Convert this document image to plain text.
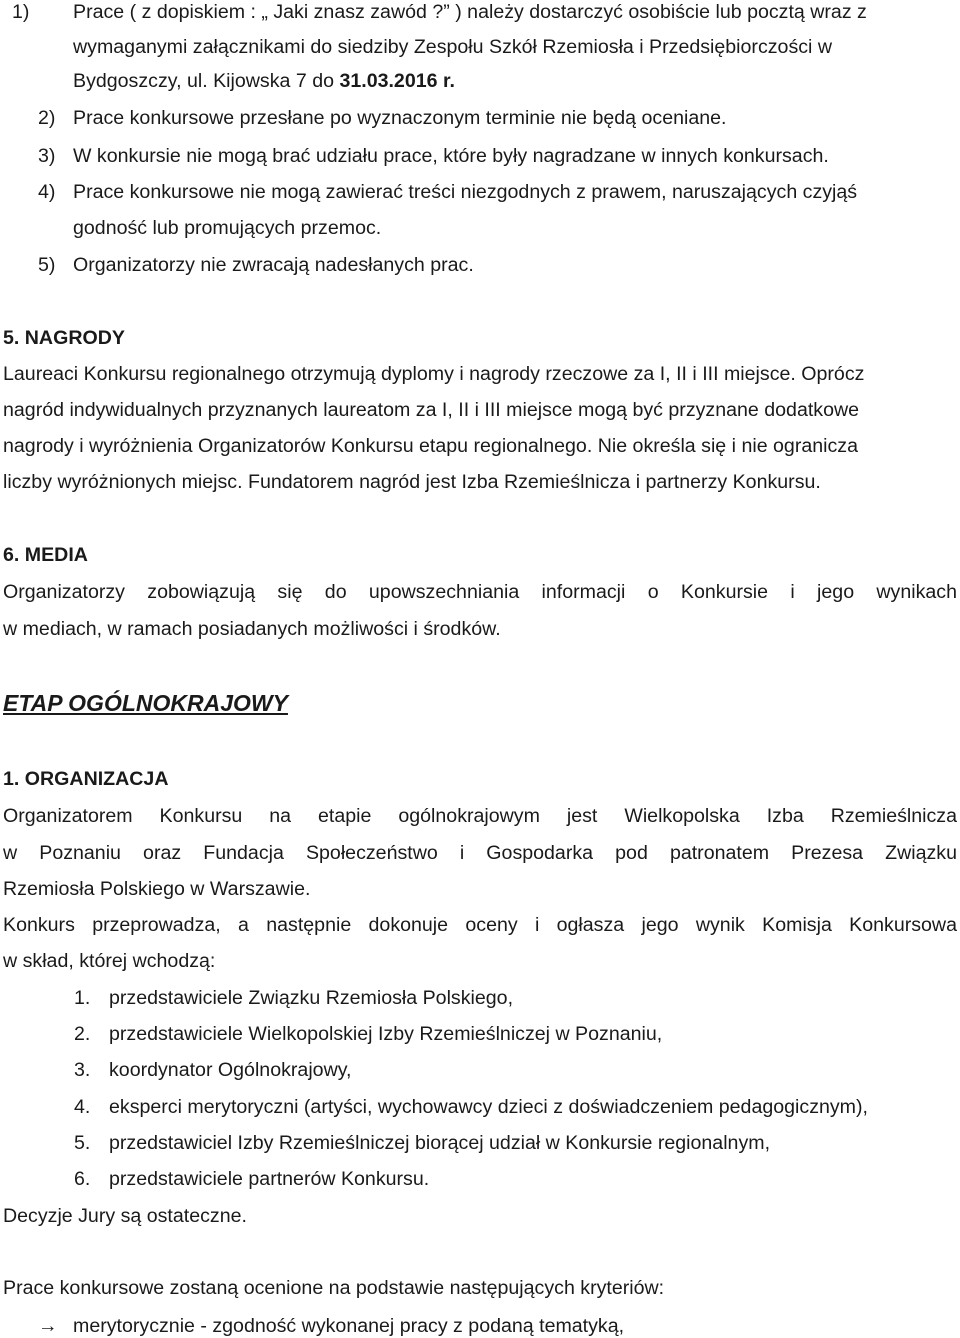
1) Prace ( z dopiskiem : „ Jaki znasz zawód ?” ) należy dostarczyć osobiście lub pocztą wraz z
wymaganymi załącznikami do siedziby Zespołu Szkół Rzemiosła i Przedsiębiorczości w
Bydgoszczy, ul. Kijowska 7 do 31.03.2016 r.
2) Prace konkursowe przesłane po wyznaczonym terminie nie będą oceniane.
3) W konkursie nie mogą brać udziału prace, które były nagradzane w innych konkursach.
4) Prace konkursowe nie mogą zawierać treści niezgodnych z prawem, naruszających czyjąś
godność lub promujących przemoc.
5) Organizatorzy nie zwracają nadesłanych prac.
5. NAGRODY
Laureaci Konkursu regionalnego otrzymują dyplomy i nagrody rzeczowe za I, II i III miejsce. Oprócz
nagród indywidualnych przyznanych laureatom za I, II i III miejsce mogą być przyznane dodatkowe
nagrody i wyróżnienia Organizatorów Konkursu etapu regionalnego. Nie określa się i nie ogranicza
liczby wyróżnionych miejsc. Fundatorem nagród jest Izba Rzemieślnicza i partnerzy Konkursu.
6. MEDIA
Organizatorzy zobowiązują się do upowszechniania informacji o Konkursie i jego wynikach
w mediach, w ramach posiadanych możliwości i środków.
ETAP OGÓLNOKRAJOWY
1. ORGANIZACJA
Organizatorem Konkursu na etapie ogólnokrajowym jest Wielkopolska Izba Rzemieślnicza
w Poznaniu oraz Fundacja Społeczeństwo i Gospodarka pod patronatem Prezesa Związku
Rzemiosła Polskiego w Warszawie.
Konkurs przeprowadza, a następnie dokonuje oceny i ogłasza jego wynik Komisja Konkursowa
w skład, której wchodzą:
1. przedstawiciele Związku Rzemiosła Polskiego,
2. przedstawiciele Wielkopolskiej Izby Rzemieślniczej w Poznaniu,
3. koordynator Ogólnokrajowy,
4. eksperci merytoryczni (artyści, wychowawcy dzieci z doświadczeniem pedagogicznym),
5. przedstawiciel Izby Rzemieślniczej biorącej udział w Konkursie regionalnym,
6. przedstawiciele partnerów Konkursu.
Decyzje Jury są ostateczne.
Prace konkursowe zostaną ocenione na podstawie następujących kryteriów:
→ merytorycznie - zgodność wykonanej pracy z podaną tematyką,
